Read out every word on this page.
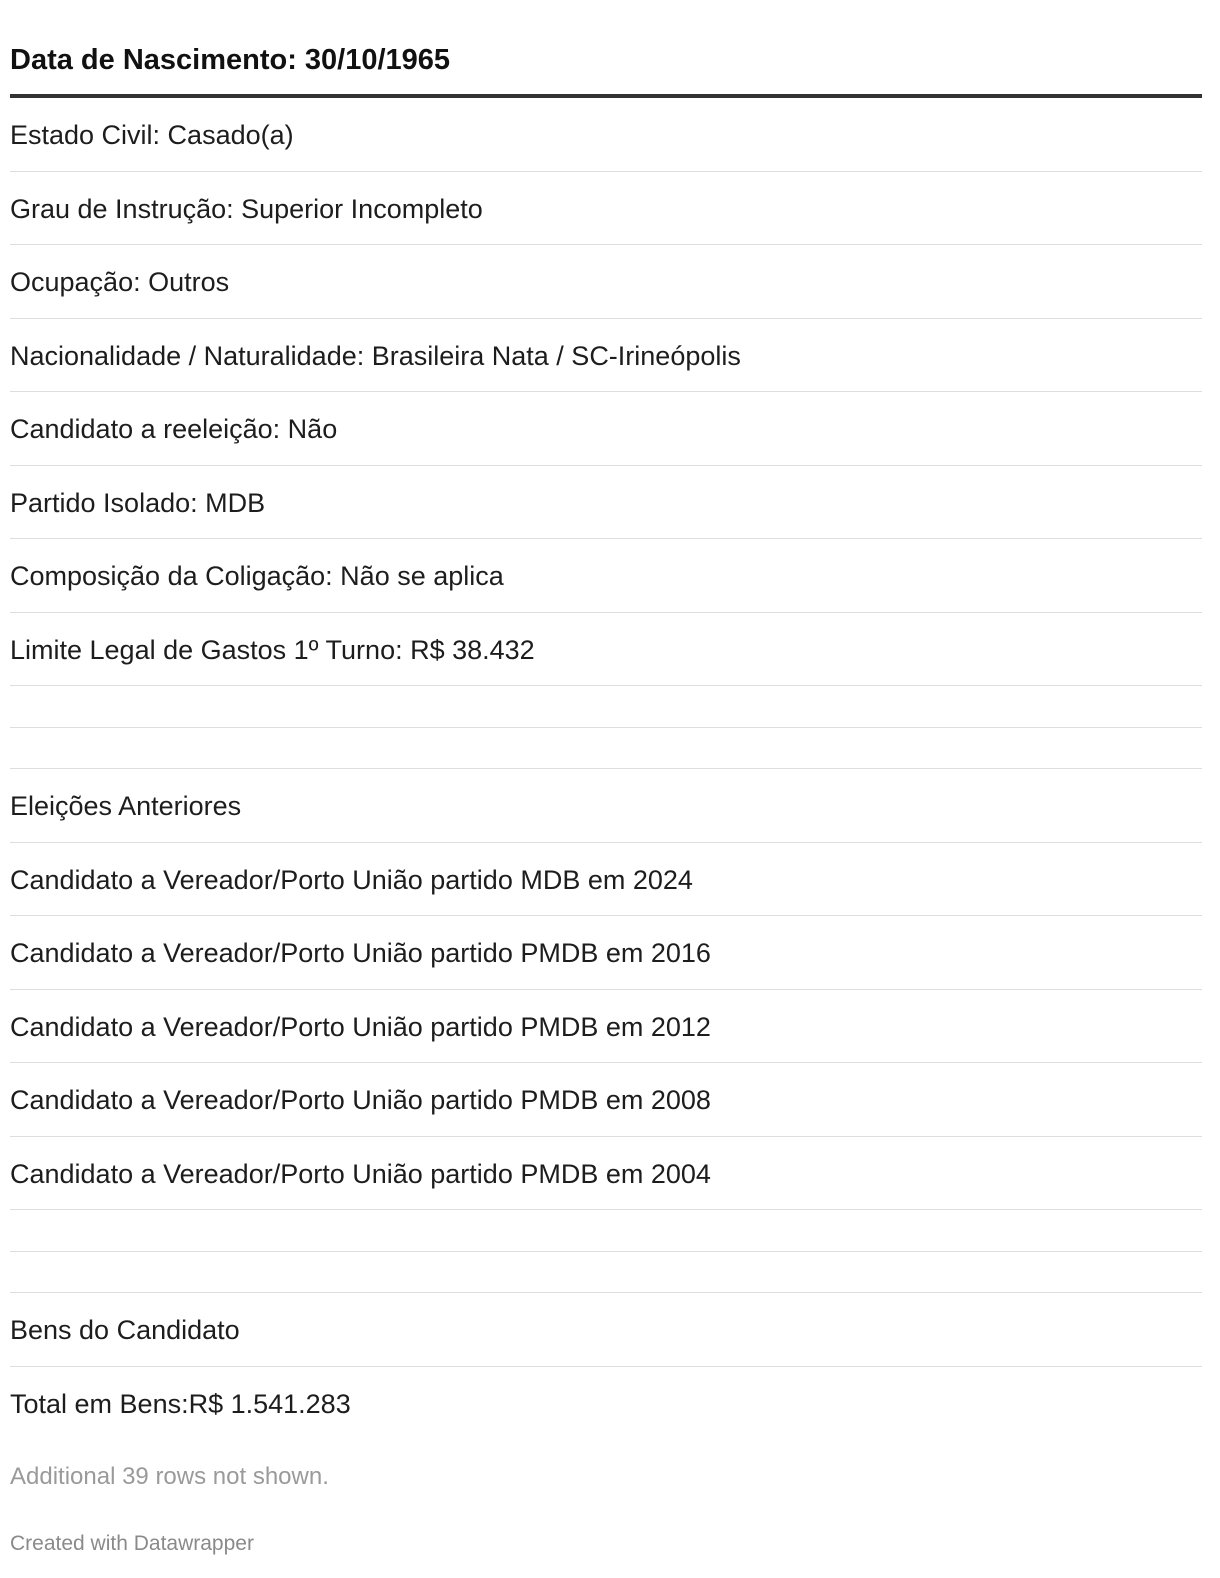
Data de Nascimento: 30/10/1965
Estado Civil: Casado(a)
Grau de Instrução: Superior Incompleto
Ocupação: Outros
Nacionalidade / Naturalidade: Brasileira Nata / SC-Irineópolis
Candidato a reeleição: Não
Partido Isolado: MDB
Composição da Coligação: Não se aplica
Limite Legal de Gastos 1º Turno: R$ 38.432
Eleições Anteriores
Candidato a Vereador/Porto União partido MDB em 2024
Candidato a Vereador/Porto União partido PMDB em 2016
Candidato a Vereador/Porto União partido PMDB em 2012
Candidato a Vereador/Porto União partido PMDB em 2008
Candidato a Vereador/Porto União partido PMDB em 2004
Bens do Candidato
Total em Bens:R$ 1.541.283
Additional 39 rows not shown.
Created with Datawrapper
